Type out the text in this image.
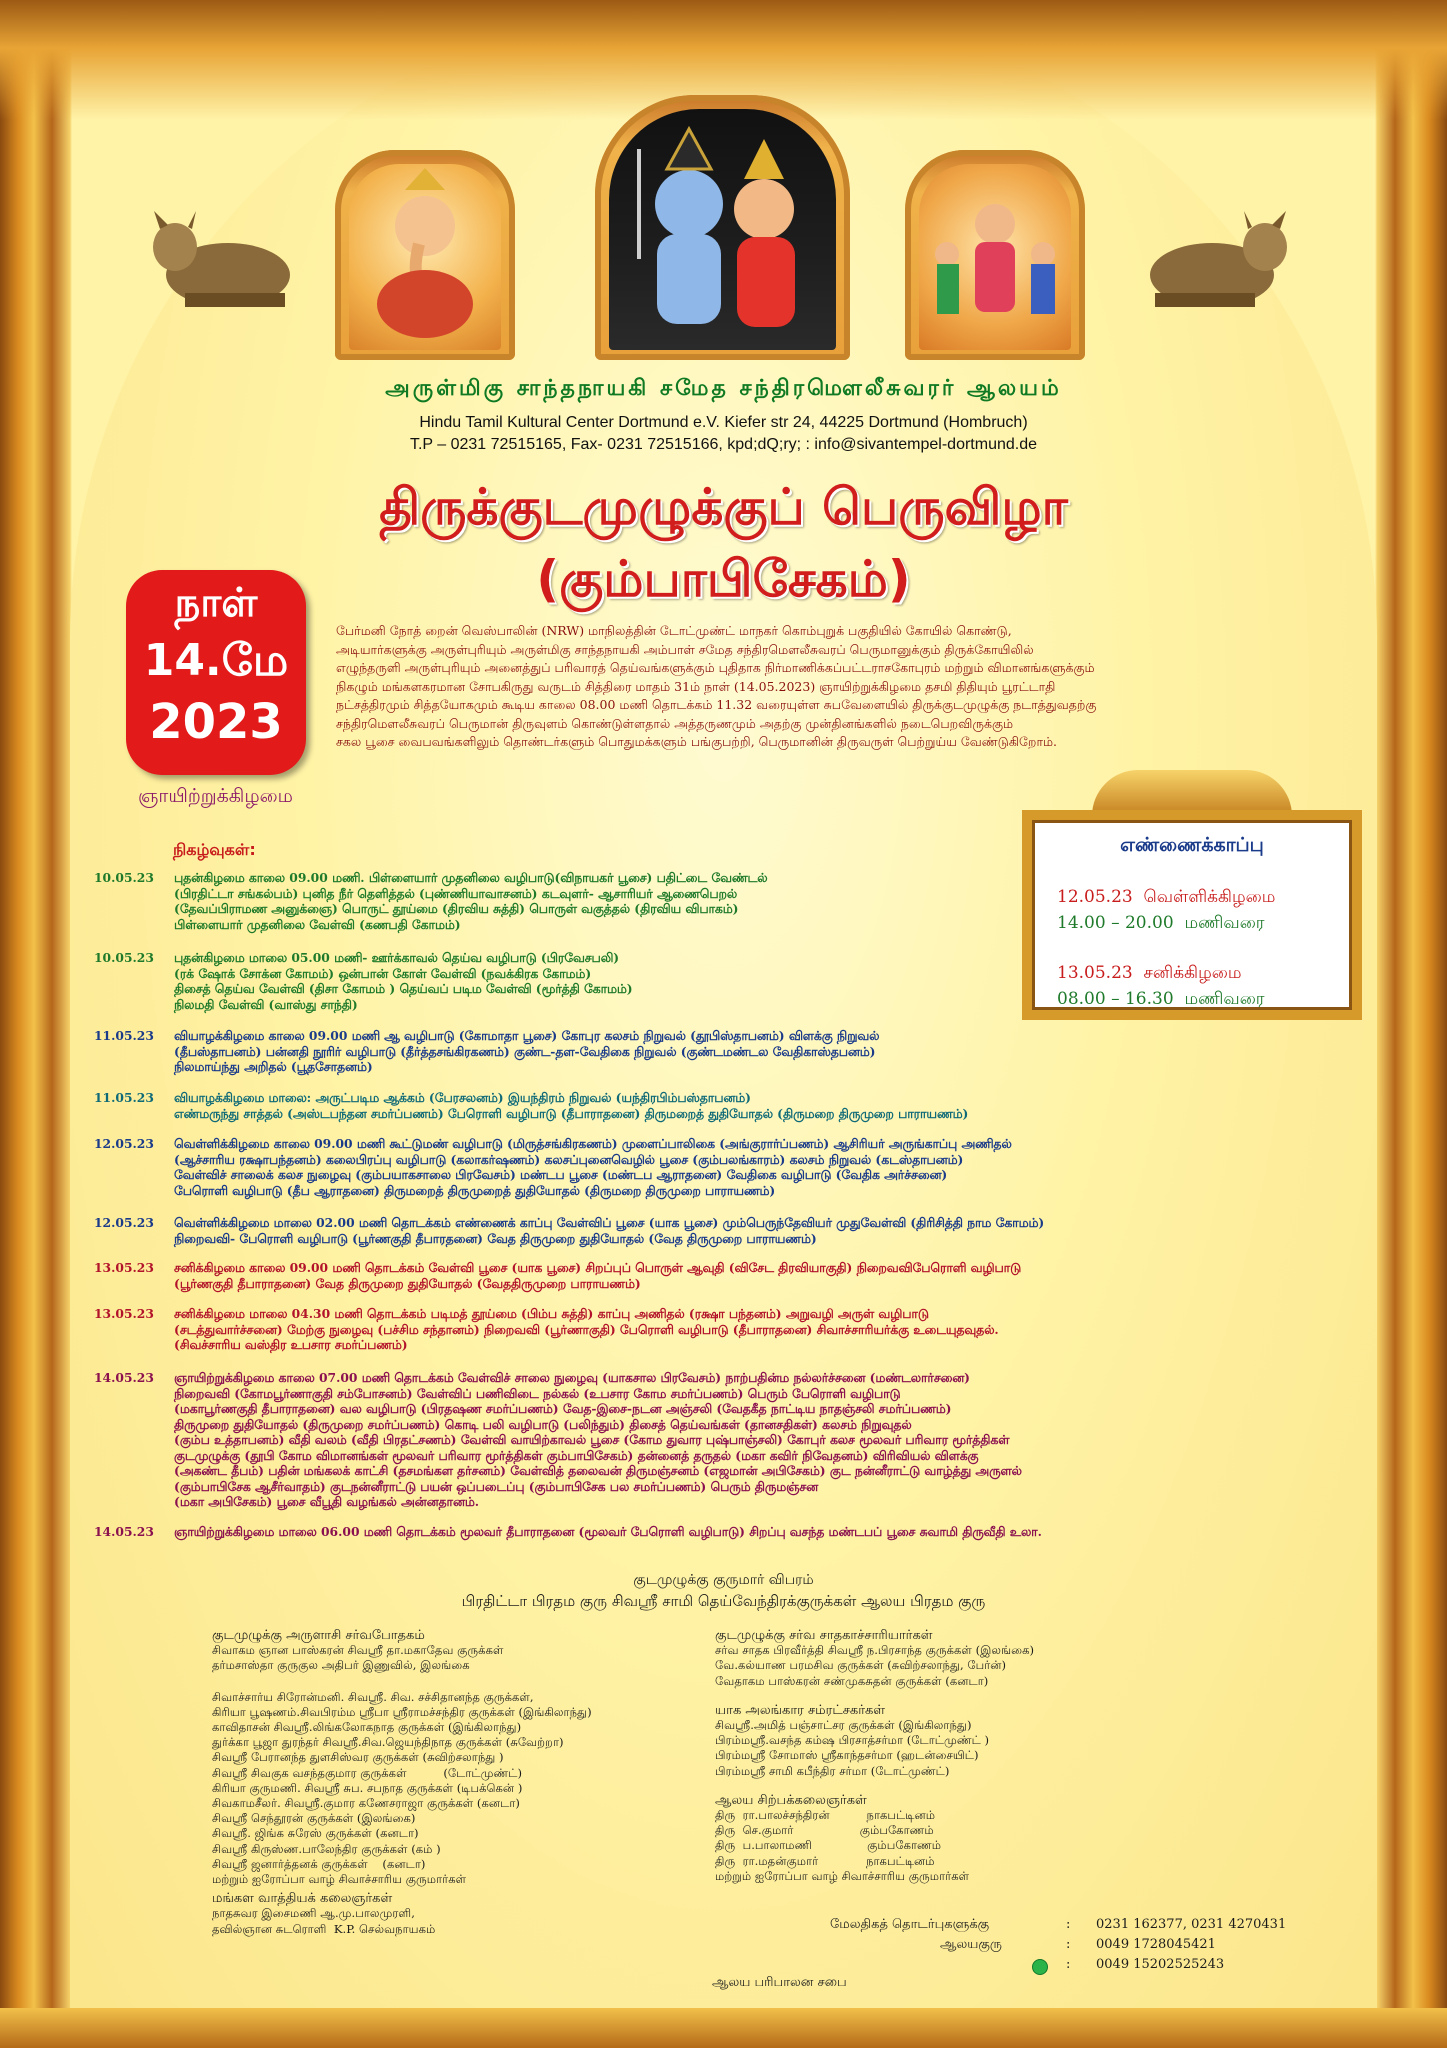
அருள்மிகு சாந்தநாயகி சமேத சந்திரமௌலீசுவரர் ஆலயம்
Hindu Tamil Kultural Center Dortmund e.V. Kiefer str 24, 44225 Dortmund (Hombruch)
T.P – 0231 72515165, Fax- 0231 72515166, kpd;dQ;ry; : info@sivantempel-dortmund.de
திருக்குடமுழுக்குப் பெருவிழா
(கும்பாபிசேகம்)
நாள்
14.மே
2023
பேர்மனி நோத் றைன் வெஸ்பாலின் (NRW) மாநிலத்தின் டோட்முண்ட் மாநகர் கொம்புறுக் பகுதியில் கோயில் கொண்டு,
அடியார்களுக்கு அருள்புரியும் அருள்மிகு சாந்தநாயகி அம்பாள் சமேத சந்திரமௌலீசுவரப் பெருமானுக்கும் திருக்கோயிலில்
எழுந்தருளி அருள்புரியும் அனைத்துப் பரிவாரத் தெய்வங்களுக்கும் புதிதாக நிர்மாணிக்கப்பட்டராசகோபுரம் மற்றும் விமானங்களுக்கும்
நிகழும் மங்களகரமான சோபகிருது வருடம் சித்திரை மாதம் 31ம் நாள் (14.05.2023) ஞாயிற்றுக்கிழமை தசமி திதியும் பூரட்டாதி
நட்சத்திரமும் சித்தயோகமும் கூடிய காலை 08.00 மணி தொடக்கம் 11.32 வரையுள்ள சுபவேளையில் திருக்குடமுழுக்கு நடாத்துவதற்கு
சந்திரமௌலீசுவரப் பெருமான் திருவுளம் கொண்டுள்ளதால் அத்தருணமும் அதற்கு முன்தினங்களில் நடைபெறவிருக்கும்
சகல பூசை வைபவங்களிலும் தொண்டர்களும் பொதுமக்களும் பங்குபற்றி, பெருமானின் திருவருள் பெற்றுய்ய வேண்டுகிறோம்.
ஞாயிற்றுக்கிழமை
நிகழ்வுகள்:
10.05.23	புதன்கிழமை காலை 09.00 மணி. பிள்ளையார் முதனிலை வழிபாடு(விநாயகர் பூசை) பதிட்டை வேண்டல்
(பிரதிட்டா சங்கல்பம்) புனித நீர் தெளித்தல் (புண்ணியாவாசனம்) கடவுளர்- ஆசாரியர் ஆணைபெறல்
(தேவப்பிராமண அனுக்ஞை) பொருட் தூய்மை (திரவிய சுத்தி) பொருள் வகுத்தல் (திரவிய விபாகம்)
பிள்ளையார் முதனிலை வேள்வி (கணபதி கோமம்)
10.05.23	புதன்கிழமை மாலை 05.00 மணி- ஊர்க்காவல் தெய்வ வழிபாடு (பிரவேசபலி)
(ரக் ஷோக் சோக்ன கோமம்) ஒன்பான் கோள் வேள்வி (நவக்கிரக கோமம்)
திசைத் தெய்வ வேள்வி (திசா கோமம் ) தெய்வப் படிம வேள்வி (மூர்த்தி கோமம்)
நிலமதி வேள்வி (வாஸ்து சாந்தி)
11.05.23	வியாழக்கிழமை காலை 09.00 மணி ஆ வழிபாடு (கோமாதா பூசை) கோபுர கலசம் நிறுவல் (தூபிஸ்தாபனம்) விளக்கு நிறுவல்
(தீபஸ்தாபனம்) பன்னதி நூரிர் வழிபாடு (தீர்த்தசங்கிரகணம்) குண்ட-தள-வேதிகை நிறுவல் (குண்டமண்டல வேதிகாஸ்தபனம்)
நிலமாய்ந்து அறிதல் (பூதசோதனம்)
11.05.23	வியாழக்கிழமை மாலை: அருட்படிம ஆக்கம் (பேரசலனம்) இயந்திரம் நிறுவல் (யந்திரபிம்பஸ்தாபனம்)
எண்மருந்து சாத்தல் (அஸ்டபந்தன சமர்ப்பணம்) பேரொளி வழிபாடு (தீபாராதனை) திருமறைத் துதியோதல் (திருமறை திருமுறை பாராயணம்)
12.05.23	வெள்ளிக்கிழமை காலை 09.00 மணி கூட்டுமண் வழிபாடு (மிருத்சங்கிரகணம்) முளைப்பாலிகை (அங்குரார்ப்பணம்) ஆசிரியர் அருங்காப்பு அணிதல்
(ஆச்சாரிய ரக்ஷாபந்தனம்) கலைபிரப்பு வழிபாடு (கலாகர்ஷணம்) கலசப்புனைவெழில் பூசை (கும்பலங்காரம்) கலசம் நிறுவல் (கடஸ்தாபனம்)
வேள்விச் சாலைக் கலச நுழைவு (கும்பயாகசாலை பிரவேசம்) மண்டப பூசை (மண்டப ஆராதனை) வேதிகை வழிபாடு (வேதிக அர்ச்சனை)
பேரொளி வழிபாடு (தீப ஆராதனை) திருமறைத் திருமுறைத் துதியோதல் (திருமறை திருமுறை பாராயணம்)
12.05.23	வெள்ளிக்கிழமை மாலை 02.00 மணி தொடக்கம் எண்ணைக் காப்பு வேள்விப் பூசை (யாக பூசை) மும்பெருந்தேவியர் முதுவேள்வி (திரிசித்தி நாம கோமம்)
நிறைவவி- பேரொளி வழிபாடு (பூர்ணகுதி தீபாரதனை) வேத திருமுறை துதியோதல் (வேத திருமுறை பாராயணம்)
13.05.23	சனிக்கிழமை காலை 09.00 மணி தொடக்கம் வேள்வி பூசை (யாக பூசை) சிறப்புப் பொருள் ஆவுதி (விசேட திரவியாகுதி) நிறைவவிபேரொளி வழிபாடு
(பூர்ணகுதி தீபாராதனை) வேத திருமுறை துதியோதல் (வேததிருமுறை பாராயணம்)
13.05.23	சனிக்கிழமை மாலை 04.30 மணி தொடக்கம் படிமத் தூய்மை (பிம்ப சுத்தி) காப்பு அணிதல் (ரக்ஷா பந்தனம்) அறுவழி அருள் வழிபாடு
(சடத்துவார்ச்சனை) மேற்கு நுழைவு (பச்சிம சந்தானம்) நிறைவவி (பூர்ணாகுதி) பேரொளி வழிபாடு (தீபாராதனை) சிவாச்சாரியர்க்கு உடையுதவுதல்.
(சிவச்சாரிய வஸ்திர உபசார சமர்ப்பணம்)
14.05.23	ஞாயிற்றுக்கிழமை காலை 07.00 மணி தொடக்கம் வேள்விச் சாலை நுழைவு (யாகசால பிரவேசம்) நாற்பதின்ம நல்லர்ச்சனை (மண்டலார்சனை)
நிறைவவி (கோமபூர்ணாகுதி சம்போசனம்) வேள்விப் பணிவிடை நல்கல் (உபசார கோம சமர்ப்பணம்) பெரும் பேரொளி வழிபாடு
(மகாபூர்ணகுதி தீபாராதனை) வல வழிபாடு (பிரதஷண சமர்ப்பணம்) வேத-இசை-நடன அஞ்சலி (வேதகீத நாட்டிய நாதஞ்சலி சமர்ப்பணம்)
திருமுறை துதியோதல் (திருமுறை சமர்ப்பணம்) கொடி பலி வழிபாடு (பலிந்தும்) திசைத் தெய்வங்கள் (தானசதிகள்) கலசம் நிறுவுதல்
(கும்ப உத்தாபனம்) வீதி வலம் (வீதி பிரதட்சணம்) வேள்வி வாயிற்காவல் பூசை (கோம துவார புஷ்பாஞ்சலி) கோபுர் கலச மூலவர் பரிவார மூர்த்திகள்
குடமுழுக்கு (தூபி கோம விமானங்கள் மூலவர் பரிவார மூர்த்திகள் கும்பாபிசேகம்) தன்னைத் தருதல் (மகா கவிர் நிவேதனம்) விரிவியல் விளக்கு
(அகண்ட தீபம்) பதின் மங்கலக் காட்சி (தசமங்கள தர்சனம்) வேள்வித் தலைவன் திருமஞ்சனம் (எஜமான் அபிசேகம்) குட நன்னீராட்டு வாழ்த்து அருளல்
(கும்பாபிசேக ஆசீர்வாதம்) குடநன்னீராட்டு பயன் ஒப்படைப்பு (கும்பாபிசேக பல சமர்ப்பணம்) பெரும் திருமஞ்சன
(மகா அபிசேகம்) பூசை வீபூதி வழங்கல் அன்னதானம்.
14.05.23	ஞாயிற்றுக்கிழமை மாலை 06.00 மணி தொடக்கம் மூலவர் தீபாராதனை (மூலவர் பேரொளி வழிபாடு) சிறப்பு வசந்த மண்டபப் பூசை சுவாமி திருவீதி உலா.
எண்ணைக்காப்பு
12.05.23 வெள்ளிக்கிழமை
14.00 – 20.00 மணிவரை
13.05.23 சனிக்கிழமை
08.00 – 16.30 மணிவரை
குடமுழுக்கு குருமார் விபரம்
பிரதிட்டா பிரதம குரு சிவஸ்ரீ சாமி தெய்வேந்திரக்குருக்கள் ஆலய பிரதம குரு
குடமுழுக்கு அருளாசி சர்வபோதகம்
சிவாகம ஞான பாஸ்கரன் சிவஸ்ரீ தா.மகாதேவ குருக்கள்
தர்மசாஸ்தா குருகுல அதிபர் இணுவில், இலங்கை
சிவாச்சார்ய சிரோன்மனி. சிவஸ்ரீ. சிவ. சச்சிதானந்த குருக்கள்,
கிரியா பூஷணம்.சிவபிரம்ம ஸ்ரீபா ஸ்ரீராமச்சந்திர குருக்கள் (இங்கிலாந்து)
காவிதாசன் சிவஸ்ரீ.லிங்கலோகநாத குருக்கள் (இங்கிலாந்து)
துர்க்கா பூஜா துரந்தர் சிவஸ்ரீ.சிவ.ஜெயந்திநாத குருக்கள் (சுவேற்றா)
சிவஸ்ரீ பேரானந்த துளசிஸ்வர குருக்கள் (சுவிற்சலாந்து )
சிவஸ்ரீ சிவகுக வசந்தகுமார குருக்கள்          (டோட்முண்ட்)
கிரியா குருமணி. சிவஸ்ரீ சுப. சபநாத குருக்கள் (டிபக்கென் )
சிவகாமசீலர். சிவஸ்ரீ.குமார கணேசராஜா குருக்கள் (கனடா)
சிவஸ்ரீ செந்தூரன் குருக்கள் (இலங்கை)
சிவஸ்ரீ. ஜிங்க சுரேஸ் குருக்கள் (கனடா)
சிவஸ்ரீ கிருஸ்ண.பாலேந்திர குருக்கள் (கம் )
சிவஸ்ரீ ஜனார்த்தனக் குருக்கள்    (கனடா)
மற்றும் ஐரோப்பா வாழ் சிவாச்சாரிய குருமார்கள்
மங்கள வாத்தியக் கலைஞர்கள்
நாதசுவர இசைமணி ஆ.மு.பாலமுரளி,
தவில்ஞான சுடரொளி  K.P. செல்வநாயகம்
குடமுழுக்கு சர்வ சாதகாச்சாரியார்கள்
சர்வ சாதக பிரவீர்த்தி சிவஸ்ரீ ந.பிரசாந்த குருக்கள் (இலங்கை)
வே.கல்யாண பரமசிவ குருக்கள் (சுவிற்சலாந்து, பேர்ன்)
வேதாகம பாஸ்கரன் சண்முகசுதன் குருக்கள் (கனடா)
யாக அலங்கார சம்ரட்சகர்கள்
சிவஸ்ரீ.அமித் பஞ்சாட்சர குருக்கள் (இங்கிலாந்து)
பிரம்மஸ்ரீ.வசந்த கம்ஷ பிரசாத்சர்மா (டோட்முண்ட் )
பிரம்மஸ்ரீ சோமாஸ் ஸ்ரீகாந்தசர்மா (ஹடன்சையிட்)
பிரம்மஸ்ரீ சாமி கபீந்திர சர்மா (டோட்முண்ட்)
ஆலய சிற்பக்கலைஞர்கள்
திரு  ரா.பாலச்சந்திரன்          நாகபட்டினம்
திரு  செ.குமார்                  கும்பகோணம்
திரு  ப.பாலாமணி               கும்பகோணம்
திரு  ரா.மதன்குமார்             நாகபட்டினம்
மற்றும் ஐரோப்பா வாழ் சிவாச்சாரிய குருமார்கள்
மேலதிகத் தொடர்புகளுக்கு	: 0231 162377, 0231 4270431
ஆலயகுரு	: 0049 1728045421
: 0049 15202525243
ஆலய பரிபாலன சபை
